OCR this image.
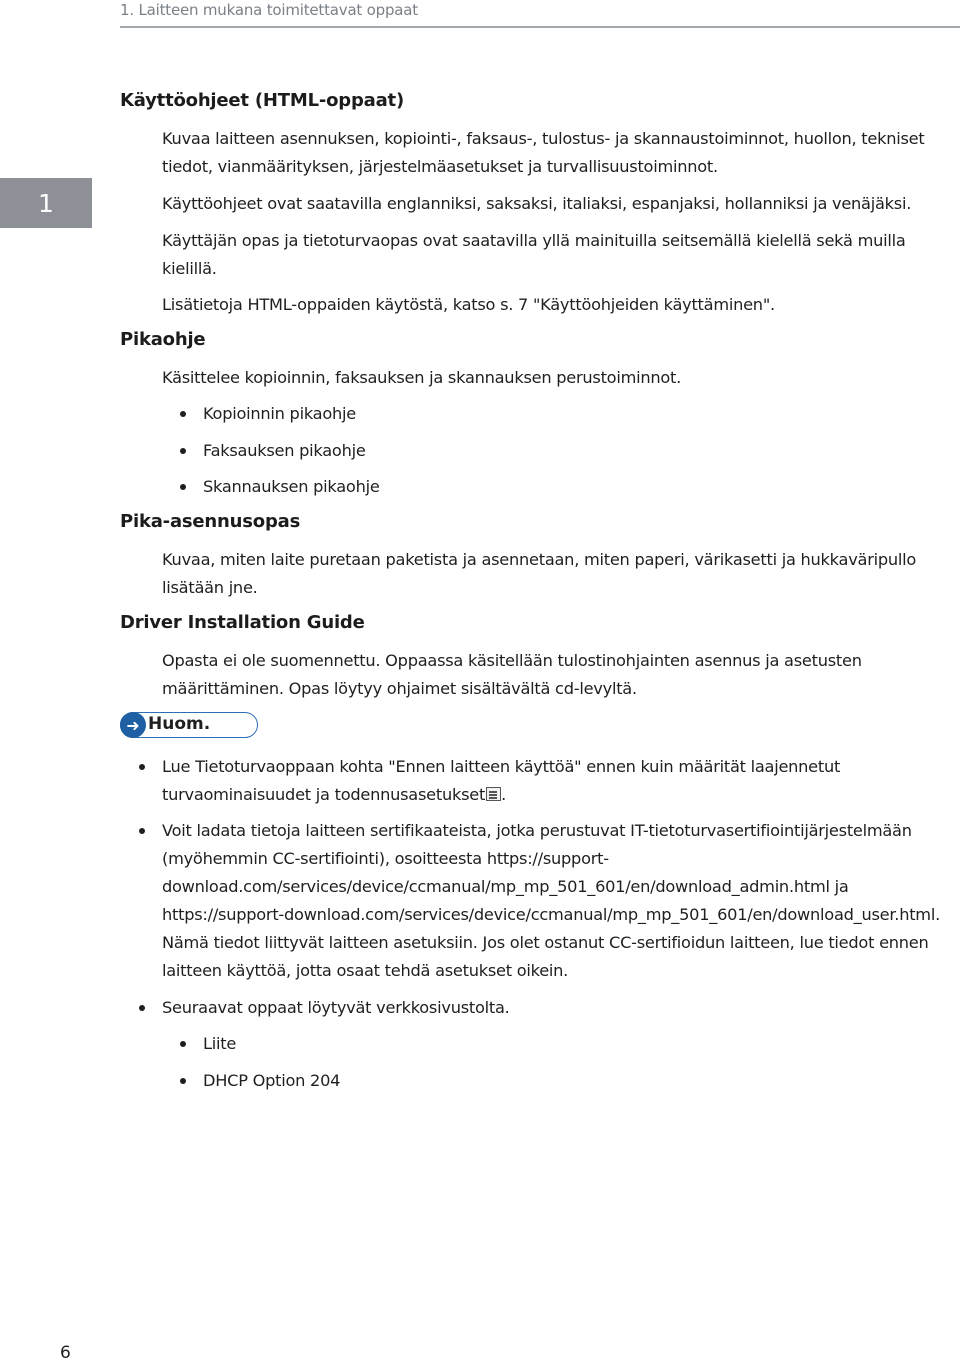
1. Laitteen mukana toimitettavat oppaat
1
Käyttöohjeet (HTML-oppaat)
Kuvaa laitteen asennuksen, kopiointi-, faksaus-, tulostus- ja skannaustoiminnot, huollon, tekniset tiedot, vianmäärityksen, järjestelmäasetukset ja turvallisuustoiminnot.
Käyttöohjeet ovat saatavilla englanniksi, saksaksi, italiaksi, espanjaksi, hollanniksi ja venäjäksi.
Käyttäjän opas ja tietoturvaopas ovat saatavilla yllä mainituilla seitsemällä kielellä sekä muilla kielillä.
Lisätietoja HTML-oppaiden käytöstä, katso s. 7 "Käyttöohjeiden käyttäminen".
Pikaohje
Käsittelee kopioinnin, faksauksen ja skannauksen perustoiminnot.
Kopioinnin pikaohje
Faksauksen pikaohje
Skannauksen pikaohje
Pika-asennusopas
Kuvaa, miten laite puretaan paketista ja asennetaan, miten paperi, värikasetti ja hukkaväripullo lisätään jne.
Driver Installation Guide
Opasta ei ole suomennettu. Oppaassa käsitellään tulostinohjainten asennus ja asetusten määrittäminen. Opas löytyy ohjaimet sisältävältä cd-levyltä.
➜ Huom.
Lue Tietoturvaoppaan kohta "Ennen laitteen käyttöä" ennen kuin määrität laajennetut turvaominaisuudet ja todennusasetukset .
Voit ladata tietoja laitteen sertifikaateista, jotka perustuvat IT-tietoturvasertifiointijärjestelmään (myöhemmin CC-sertifiointi), osoitteesta https://support-download.com/services/device/ccmanual/mp_mp_501_601/en/download_admin.html ja https://support-download.com/services/device/ccmanual/mp_mp_501_601/en/download_user.html. Nämä tiedot liittyvät laitteen asetuksiin. Jos olet ostanut CC-sertifioidun laitteen, lue tiedot ennen laitteen käyttöä, jotta osaat tehdä asetukset oikein.
Seuraavat oppaat löytyvät verkkosivustolta.
Liite
DHCP Option 204
6
